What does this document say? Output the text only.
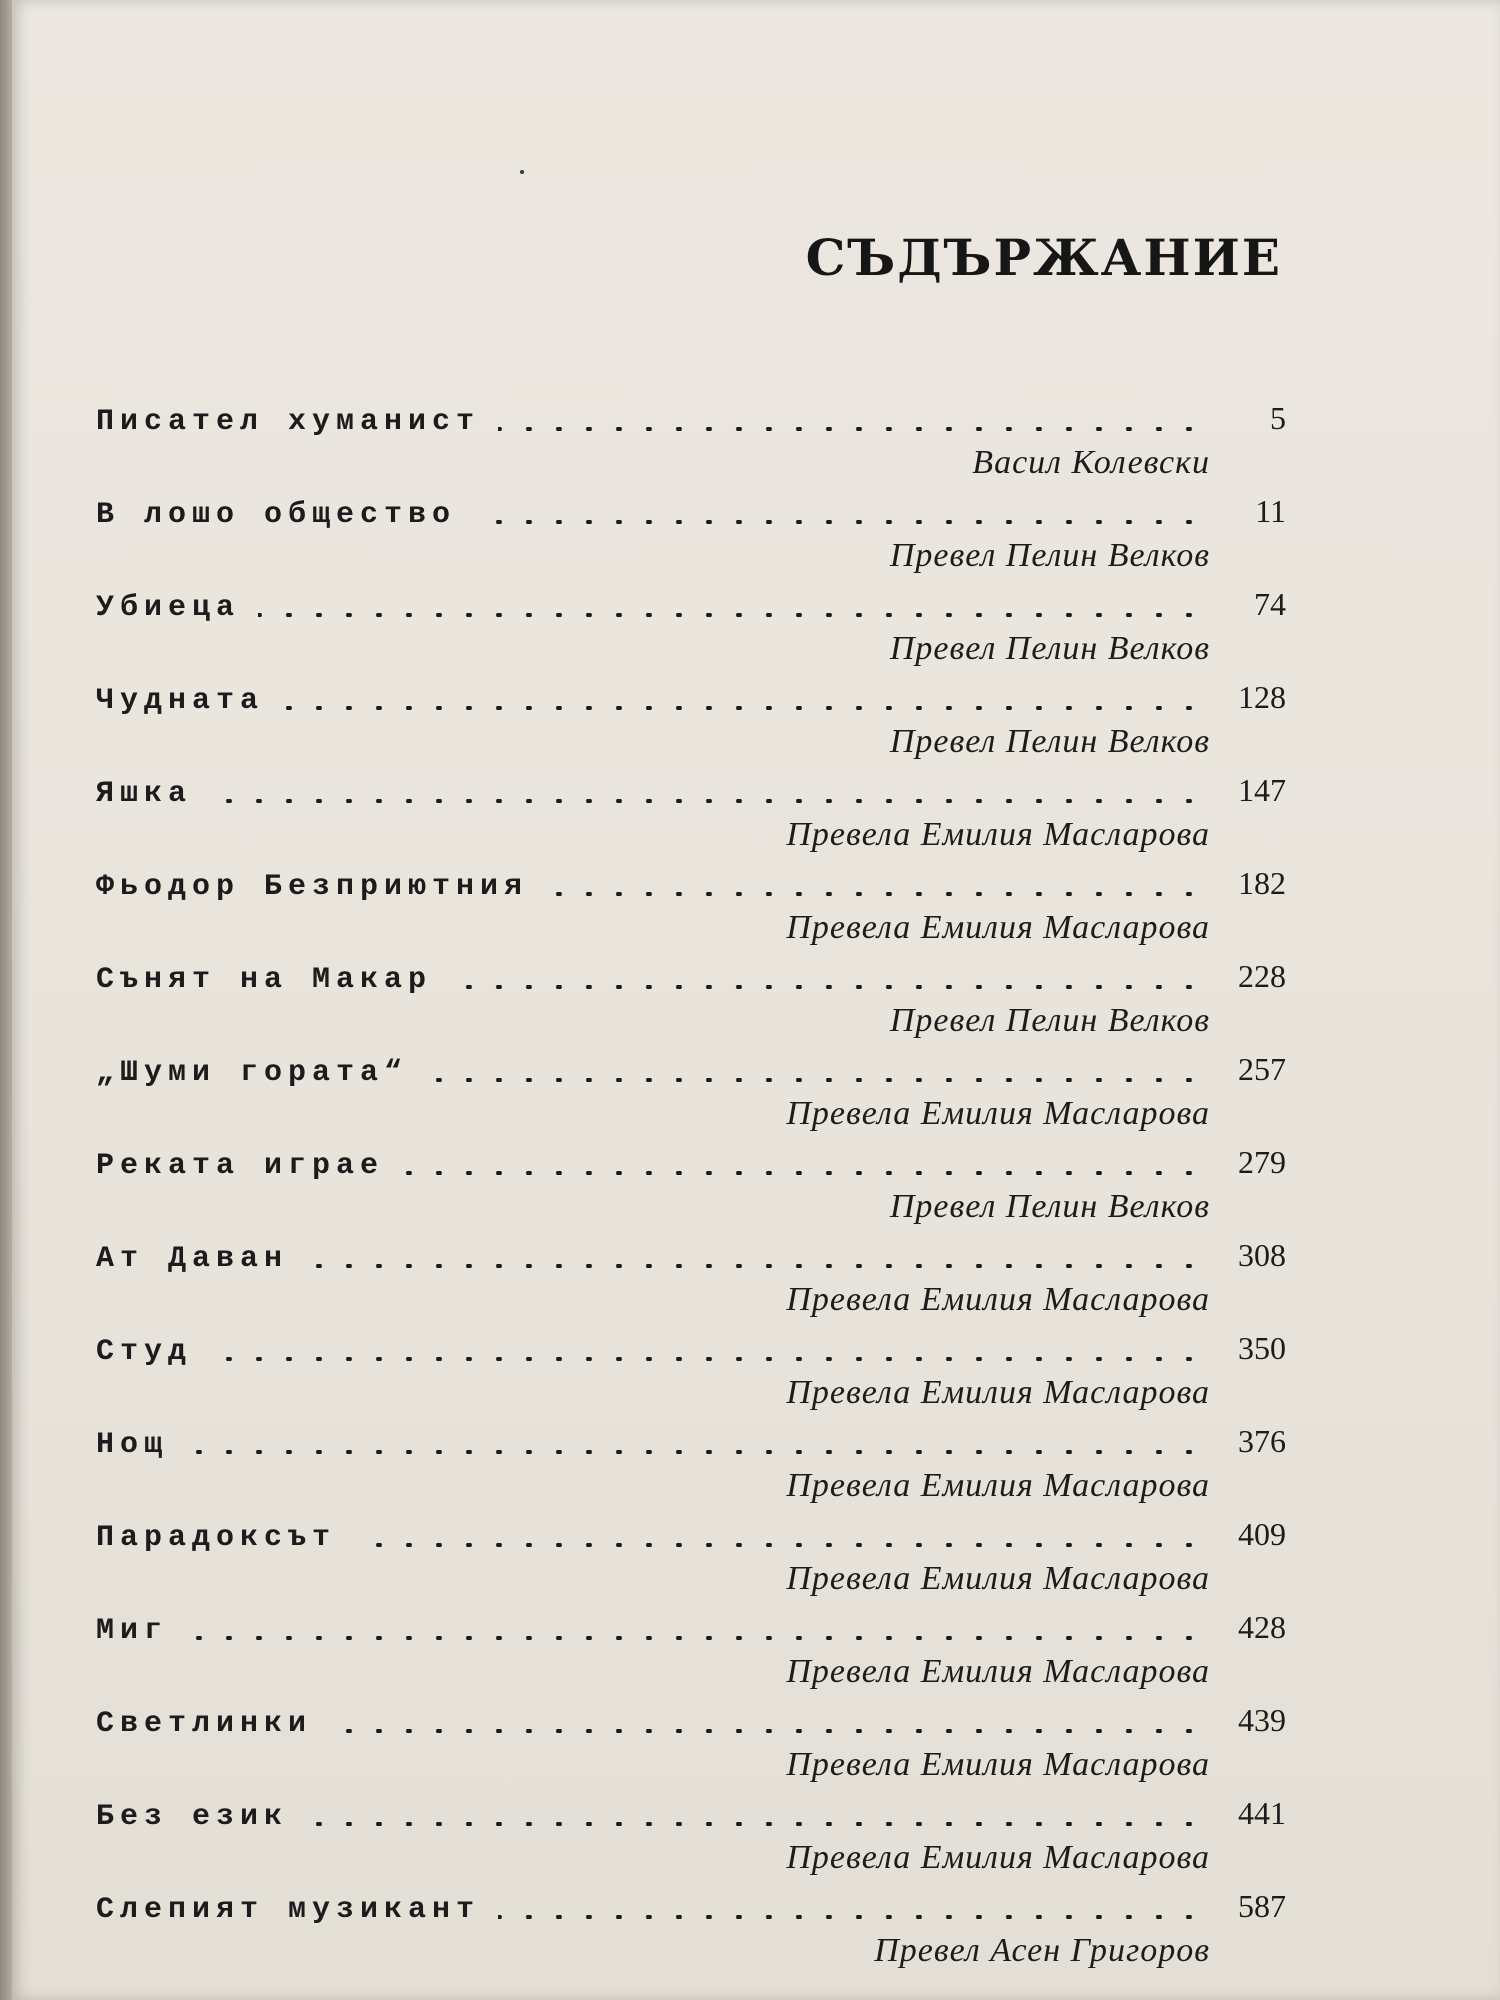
СЪДЪРЖАНИЕ
Писател хуманист	5
Васил Колевски
В лошо общество	11
Превел Пелин Велков
Убиеца	74
Превел Пелин Велков
Чудната	128
Превел Пелин Велков
Яшка	147
Превела Емилия Масларова
Фьодор Безприютния	182
Превела Емилия Масларова
Сънят на Макар	228
Превел Пелин Велков
„Шуми гората“	257
Превела Емилия Масларова
Реката играе	279
Превел Пелин Велков
Ат Даван	308
Превела Емилия Масларова
Студ	350
Превела Емилия Масларова
Нощ	376
Превела Емилия Масларова
Парадоксът	409
Превела Емилия Масларова
Миг	428
Превела Емилия Масларова
Светлинки	439
Превела Емилия Масларова
Без език	441
Превела Емилия Масларова
Слепият музикант	587
Превел Асен Григоров
